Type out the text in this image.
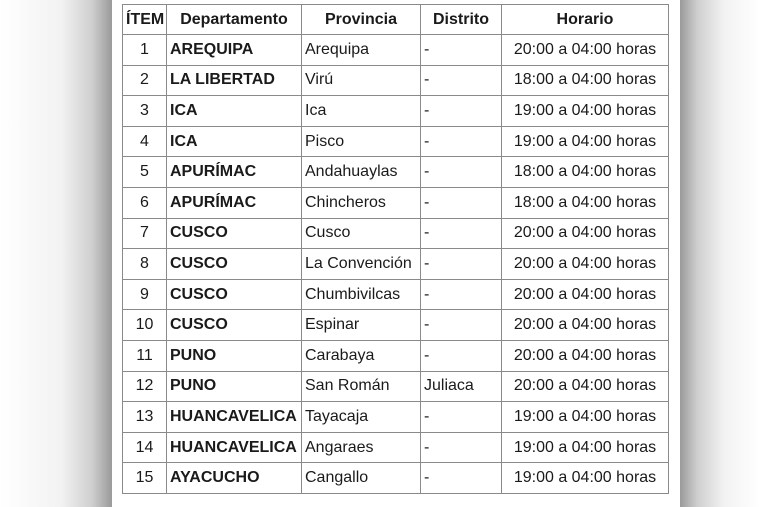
ÍTEM	Departamento	Provincia	Distrito	Horario
1	AREQUIPA	Arequipa	-	20:00 a 04:00 horas
2	LA LIBERTAD	Virú	-	18:00 a 04:00 horas
3	ICA	Ica	-	19:00 a 04:00 horas
4	ICA	Pisco	-	19:00 a 04:00 horas
5	APURÍMAC	Andahuaylas	-	18:00 a 04:00 horas
6	APURÍMAC	Chincheros	-	18:00 a 04:00 horas
7	CUSCO	Cusco	-	20:00 a 04:00 horas
8	CUSCO	La Convención	-	20:00 a 04:00 horas
9	CUSCO	Chumbivilcas	-	20:00 a 04:00 horas
10	CUSCO	Espinar	-	20:00 a 04:00 horas
11	PUNO	Carabaya	-	20:00 a 04:00 horas
12	PUNO	San Román	Juliaca	20:00 a 04:00 horas
13	HUANCAVELICA	Tayacaja	-	19:00 a 04:00 horas
14	HUANCAVELICA	Angaraes	-	19:00 a 04:00 horas
15	AYACUCHO	Cangallo	-	19:00 a 04:00 horas
